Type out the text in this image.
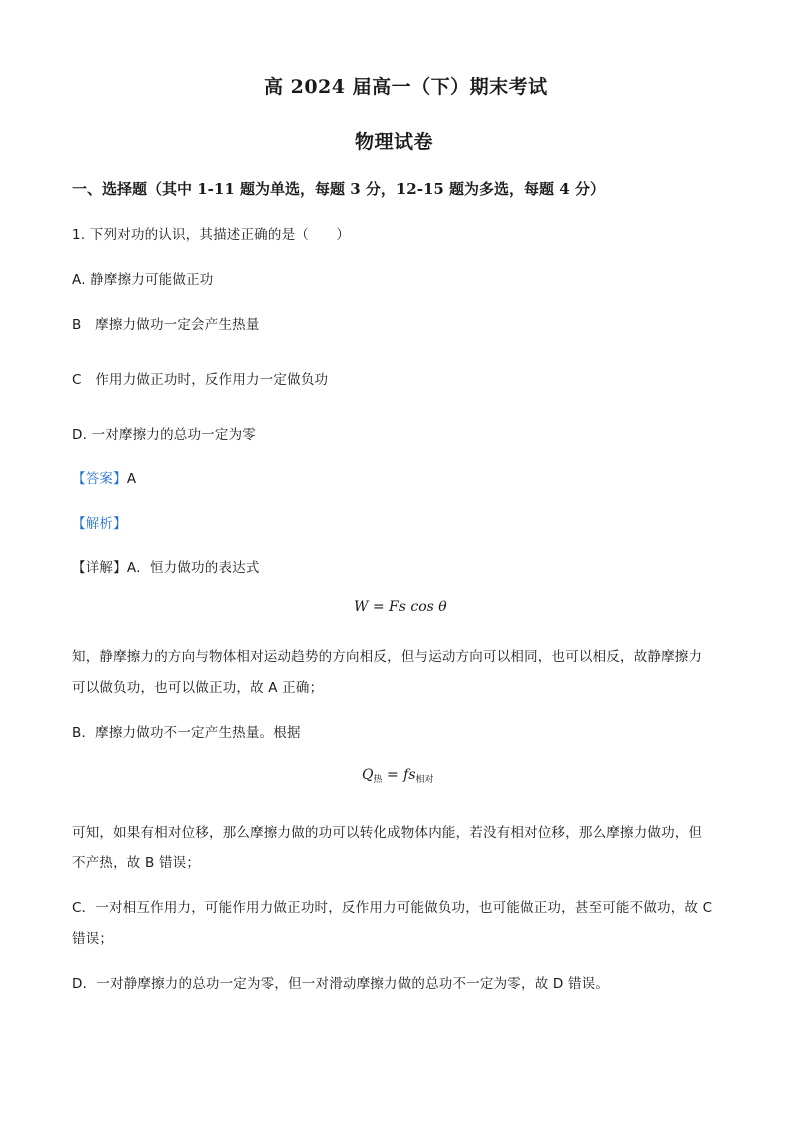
高 2024 届高一（下）期末考试
物理试卷
一、选择题（其中 1-11 题为单选，每题 3 分，12-15 题为多选，每题 4 分）
1. 下列对功的认识，其描述正确的是（　　）
A. 静摩擦力可能做正功
B　摩擦力做功一定会产生热量
C　作用力做正功时，反作用力一定做负功
D. 一对摩擦力的总功一定为零
【答案】A
【解析】
【详解】A．恒力做功的表达式
W = Fs cos θ
知，静摩擦力的方向与物体相对运动趋势的方向相反，但与运动方向可以相同，也可以相反，故静摩擦力
可以做负功，也可以做正功，故 A 正确；
B．摩擦力做功不一定产生热量。根据
$Q_热 = fs_{相对}$
可知，如果有相对位移，那么摩擦力做的功可以转化成物体内能，若没有相对位移，那么摩擦力做功，但
不产热，故 B 错误；
C．一对相互作用力，可能作用力做正功时，反作用力可能做负功，也可能做正功，甚至可能不做功，故 C
错误；
D．一对静摩擦力的总功一定为零，但一对滑动摩擦力做的总功不一定为零，故 D 错误。
